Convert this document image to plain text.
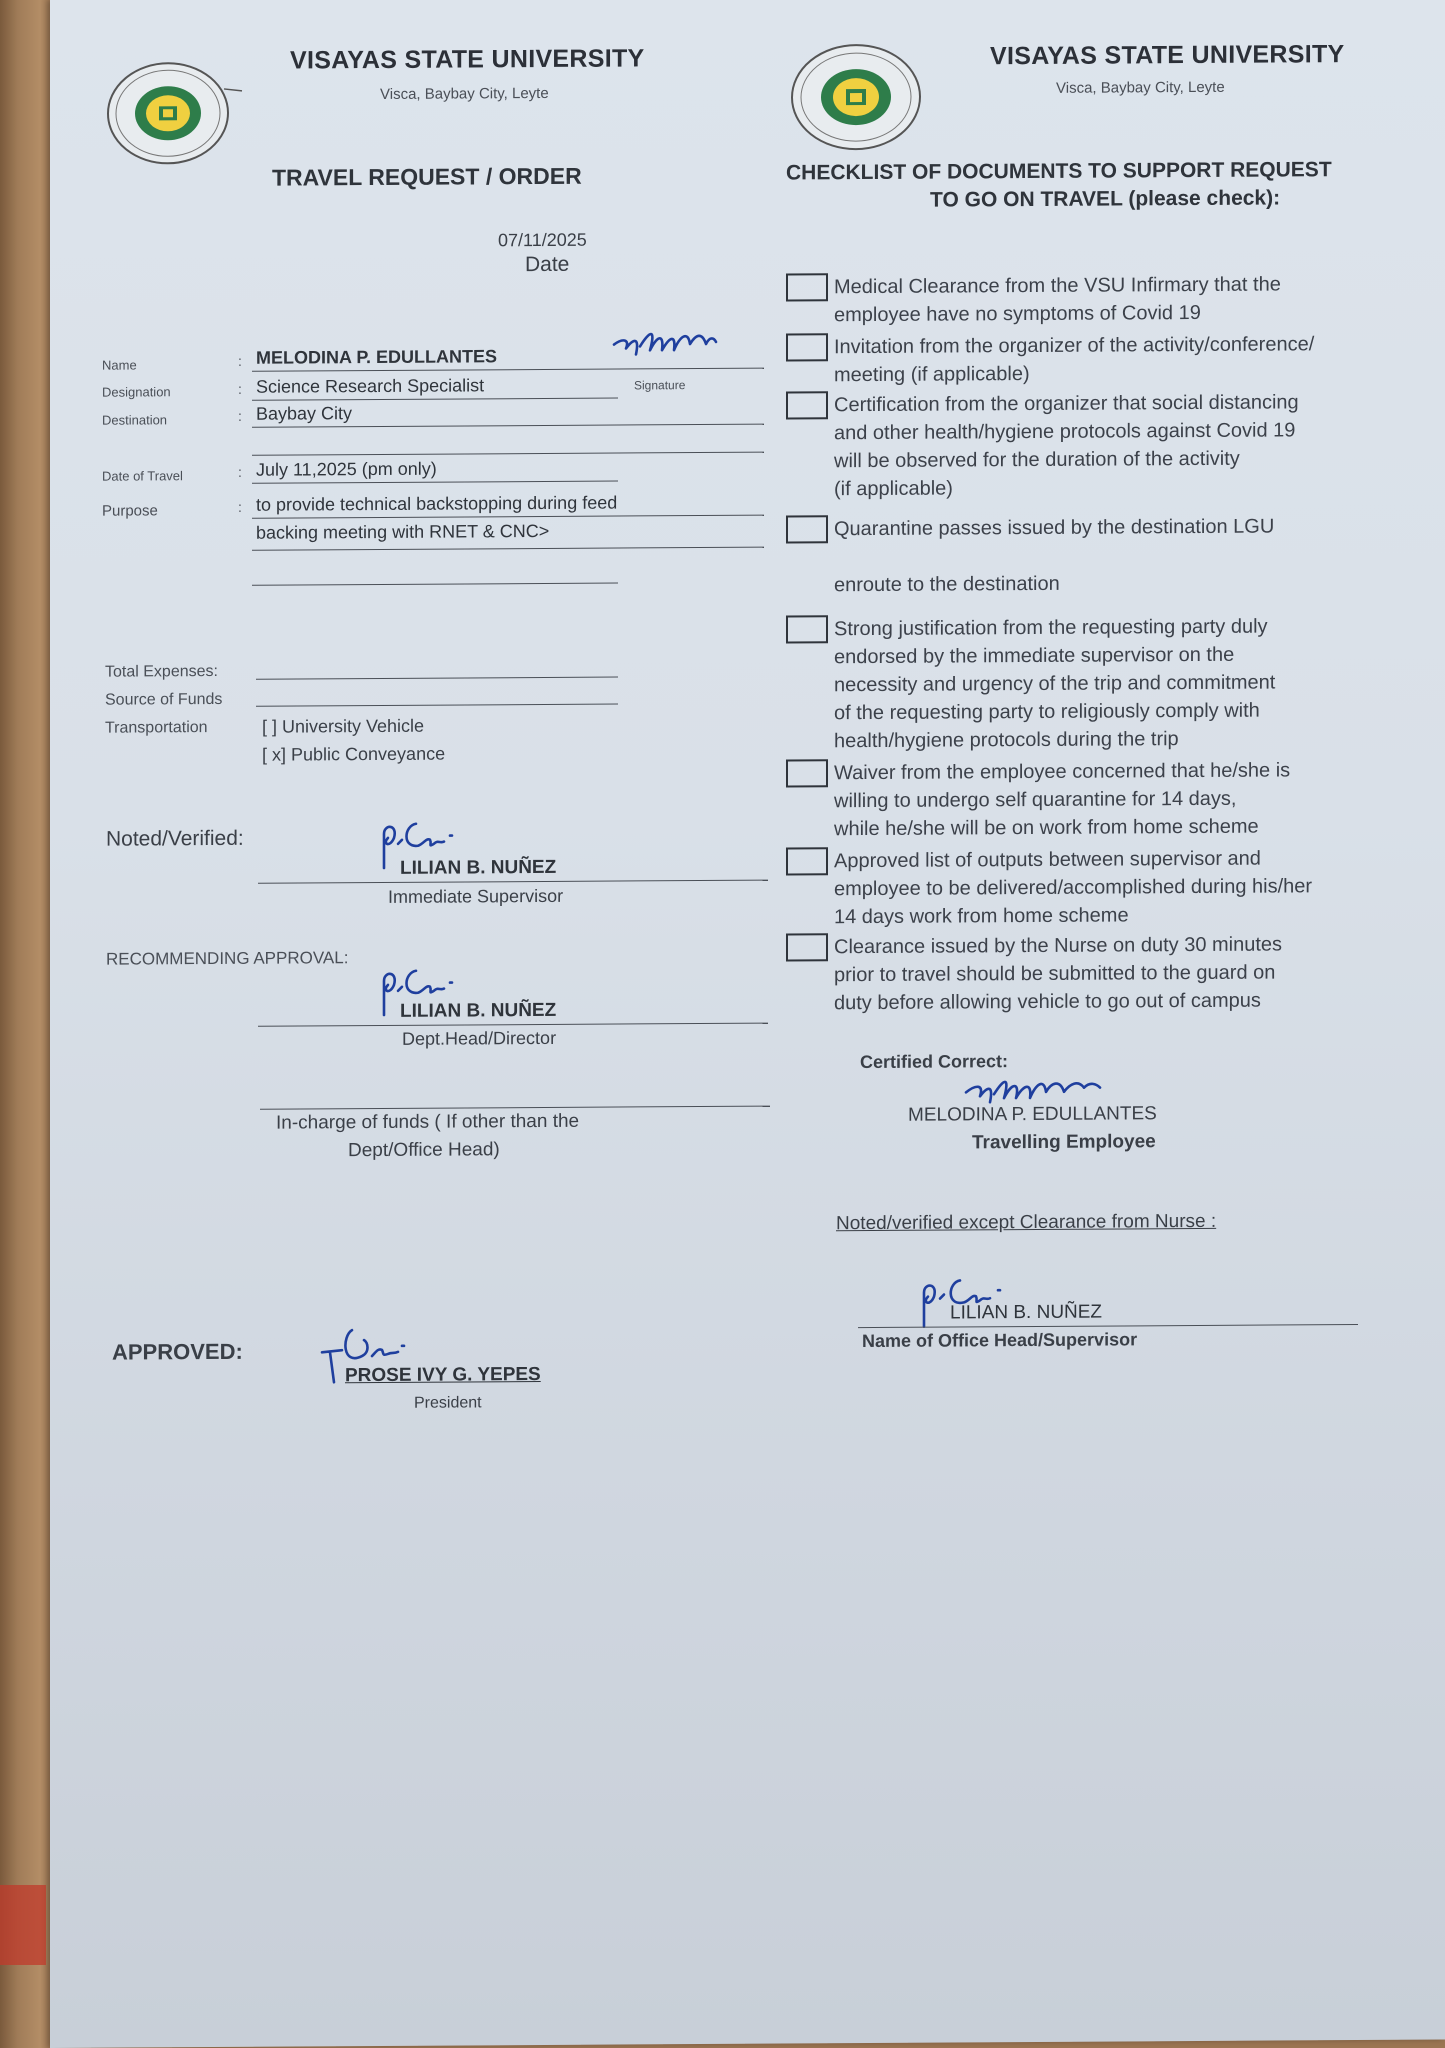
VISAYAS STATE UNIVERSITY
Visca, Baybay City, Leyte
TRAVEL REQUEST / ORDER
07/11/2025
Date
Name	: MELODINA P. EDULLANTES
Signature
Designation	: Science Research Specialist
Destination	: Baybay City
Date of Travel	: July 11,2025 (pm only)
Purpose	: to provide technical backstopping during feed
backing meeting with RNET & CNC>
Total Expenses:
Source of Funds
Transportation	[ ] University Vehicle
[ x] Public Conveyance
Noted/Verified:
LILIAN B. NUÑEZ
Immediate Supervisor
RECOMMENDING APPROVAL:
LILIAN B. NUÑEZ
Dept.Head/Director
In-charge of funds ( If other than the
Dept/Office Head)
APPROVED:
PROSE IVY G. YEPES
President
VISAYAS STATE UNIVERSITY
Visca, Baybay City, Leyte
CHECKLIST OF DOCUMENTS TO SUPPORT REQUEST
TO GO ON TRAVEL (please check):
Medical Clearance from the VSU Infirmary that the
employee have no symptoms of Covid 19
Invitation from the organizer of the activity/conference/
meeting (if applicable)
Certification from the organizer that social distancing
and other health/hygiene protocols against Covid 19
will be observed for the duration of the activity
(if applicable)
Quarantine passes issued by the destination LGU
enroute to the destination
Strong justification from the requesting party duly
endorsed by the immediate supervisor on the
necessity and urgency of the trip and commitment
of the requesting party to religiously comply with
health/hygiene protocols during the trip
Waiver from the employee concerned that he/she is
willing to undergo self quarantine for 14 days,
while he/she will be on work from home scheme
Approved list of outputs between supervisor and
employee to be delivered/accomplished during his/her
14 days work from home scheme
Clearance issued by the Nurse on duty 30 minutes
prior to travel should be submitted to the guard on
duty before allowing vehicle to go out of campus
Certified Correct:
MELODINA P. EDULLANTES
Travelling Employee
Noted/verified except Clearance from Nurse :
LILIAN B. NUÑEZ
Name of Office Head/Supervisor
